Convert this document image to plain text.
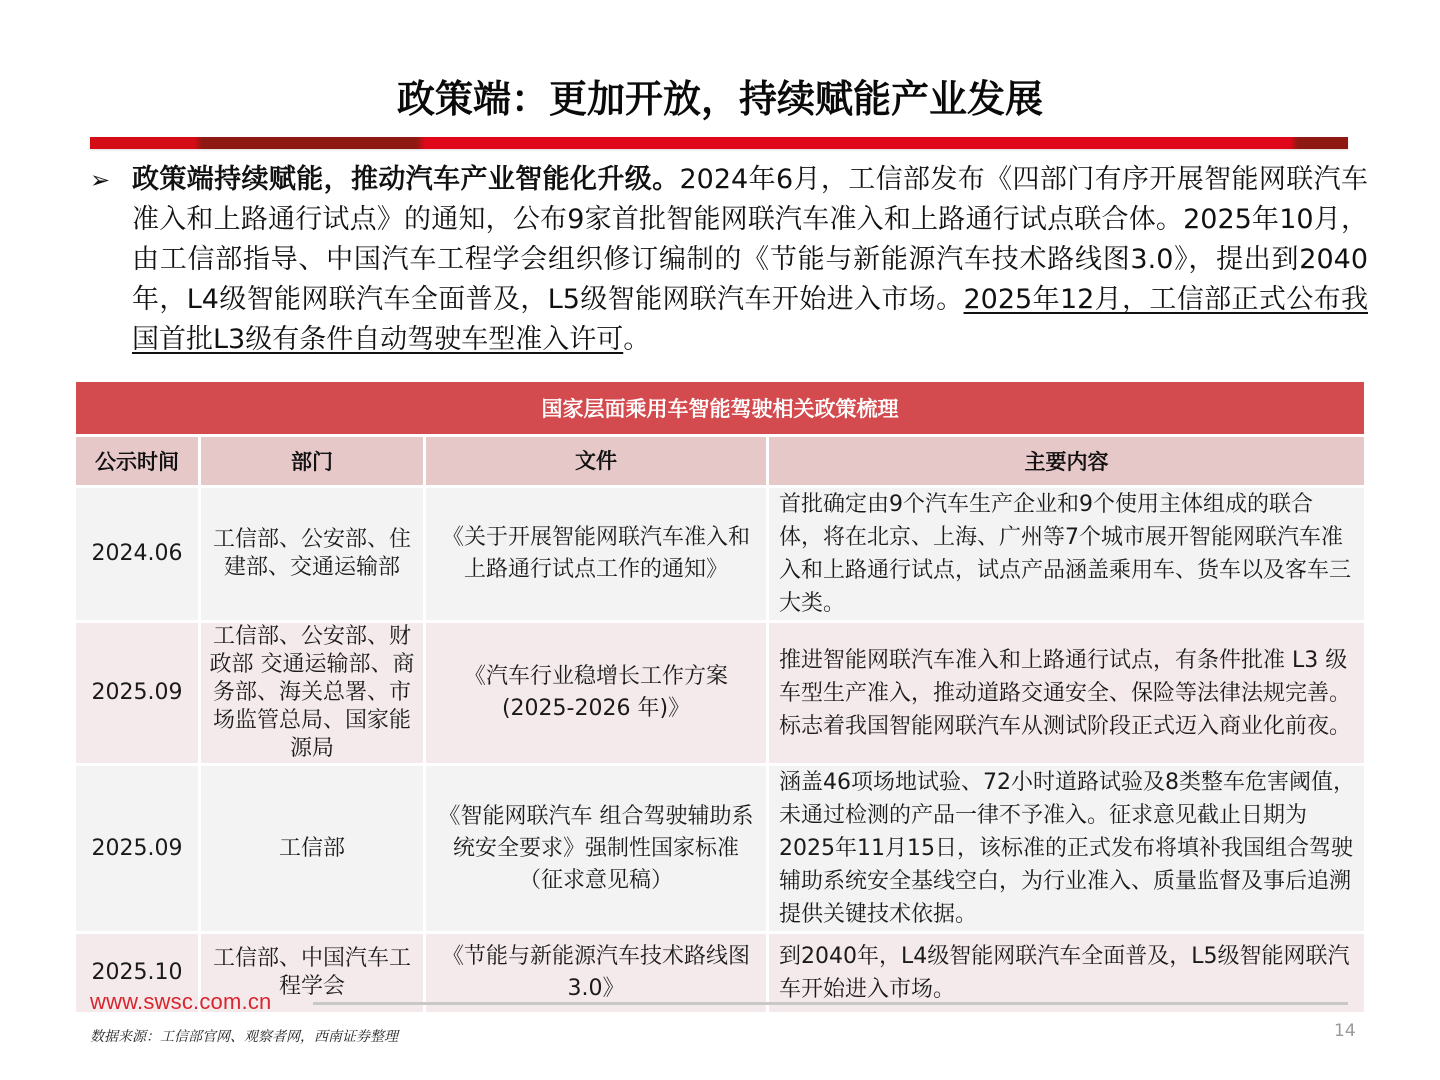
政策端：更加开放，持续赋能产业发展
➢ 政策端持续赋能，推动汽车产业智能化升级。2024年6月，工信部发布《四部门有序开展智能网联汽车准入和上路通行试点》的通知，公布9家首批智能网联汽车准入和上路通行试点联合体。2025年10月，由工信部指导、中国汽车工程学会组织修订编制的《节能与新能源汽车技术路线图3.0》，提出到2040年，L4级智能网联汽车全面普及，L5级智能网联汽车开始进入市场。2025年12月，工信部正式公布我国首批L3级有条件自动驾驶车型准入许可。
国家层面乘用车智能驾驶相关政策梳理			
公示时间	部门	文件	主要内容
2024.06	工信部、公安部、住建部、交通运输部	《关于开展智能网联汽车准入和上路通行试点工作的通知》	首批确定由9个汽车生产企业和9个使用主体组成的联合体，将在北京、上海、广州等7个城市展开智能网联汽车准入和上路通行试点，试点产品涵盖乘用车、货车以及客车三大类。
2025.09	工信部、公安部、财政部 交通运输部、商务部、海关总署、市场监管总局、国家能源局	《汽车行业稳增长工作方案(2025-2026 年)》	推进智能网联汽车准入和上路通行试点，有条件批准 L3 级车型生产准入，推动道路交通安全、保险等法律法规完善。标志着我国智能网联汽车从测试阶段正式迈入商业化前夜。
2025.09	工信部	《智能网联汽车 组合驾驶辅助系统安全要求》强制性国家标准（征求意见稿）	涵盖46项场地试验、72小时道路试验及8类整车危害阈值，未通过检测的产品一律不予准入。征求意见截止日期为2025年11月15日，该标准的正式发布将填补我国组合驾驶辅助系统安全基线空白，为行业准入、质量监督及事后追溯提供关键技术依据。
2025.10	工信部、中国汽车工程学会	《节能与新能源汽车技术路线图3.0》	到2040年，L4级智能网联汽车全面普及，L5级智能网联汽车开始进入市场。
www.swsc.com.cn
数据来源：工信部官网、观察者网，西南证券整理	14
